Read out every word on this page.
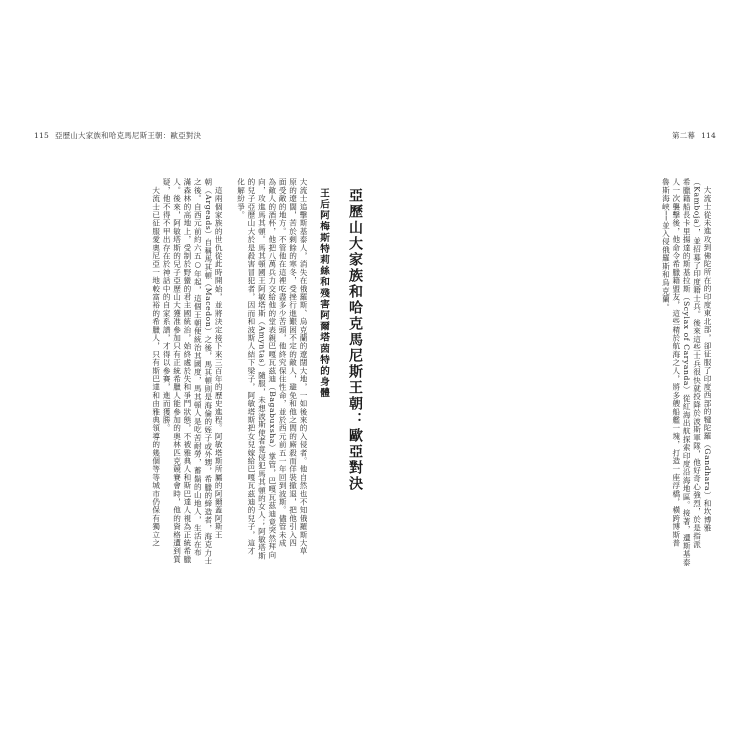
115 亞歷山大家族和哈克馬尼斯王朝：歐亞對決
亞歷山大家族和哈克馬尼斯王朝：歐亞對決
王后阿梅斯特莉絲和殘害阿爾塔茵特的身體
大流士追擊斯基泰人，消失在俄羅斯、烏克蘭的遼闊大地，一如後來的入侵者。他自然也不知俄羅斯大草
原的遼闊，苦於剩餘的寒冬，受挫行進艱困不定的敵人，避免和他之間的廝殺而佯裝撤退，把他引入四
面受敵的地方。不管他在這裡吃盡多少苦頭，他終究保住性命，並於西元前五一年回到波斯。儘管未成
為敵人的酒杯，他把八萬兵力交給他的堂表親巴嘎瓦茲迪（Bagabuxsha）掌管，巴嘎瓦茲迪竟突然拜向
向，攻進馬其頓。馬其頓國王阿敏塔斯（Amyntas）隨服，未想波斯使者竟侵犯馬其頓的女人；阿敏塔斯
的兒子亞歷山大於是殺害冒犯者，因而和波斯人結下梁子，阿敏塔斯把女兒嫁給巴嘎瓦茲迪的兒子，這才
化解紛爭。
　這兩個家族的世仇從此時開始，並將決定接下來三百年的歷史進程。阿敏塔斯所屬的阿爾蓋阿斯王
朝（Argeads）自稱馬其頓（Macedon）之後，馬其頓則是海倫的姪子或外甥，希臘的締造者，海克力士
之後。自西元前約六五○年起，這個王朝便統治其國度，馬其頓人是吃苦耐勞，蓄鬍的山地人，生活在布
滿森林的高地上，受制於野蠻的君主國統治，始終處於失和爭鬥狀態，不被雅典人和斯巴達人視為正統希臘
人。後來，阿敏塔斯的兒子亞歷山大獲准參加只有正統希臘人能參加的奧林匹克競賽會時，他的資格遭到質
疑，他不得不甲出存在於神話中的自家系譜，才得以參賽，進而獲勝。
　大流士已征服愛奧尼亞一地較富裕的希臘人，只有斯巴達和由雅典領導的幾個等等城市仍保有獨立之
第二幕 114
大流士從未進攻到佛陀所在的印度東北部，卻征服了印度西部的犍陀羅（Gandhara）和坎博雅
（Kamboja），並招募了印度籍士兵。後來這些士兵很快就投降於波斯軍隊，他好奇心強烈，於是指派
希臘籍船長卡里揚達的斯基拉斯（Scylax of Caryanda）從紅海出航探索印度沿海地區。接著，遭斯基泰
人一次襲擊後，他命令希臘籍盟友，這些精於航海之人，將多艘船艦一塊，打造一座浮橋，橫跨博斯普
魯斯海峽──並入侵俄羅斯和烏克蘭。
